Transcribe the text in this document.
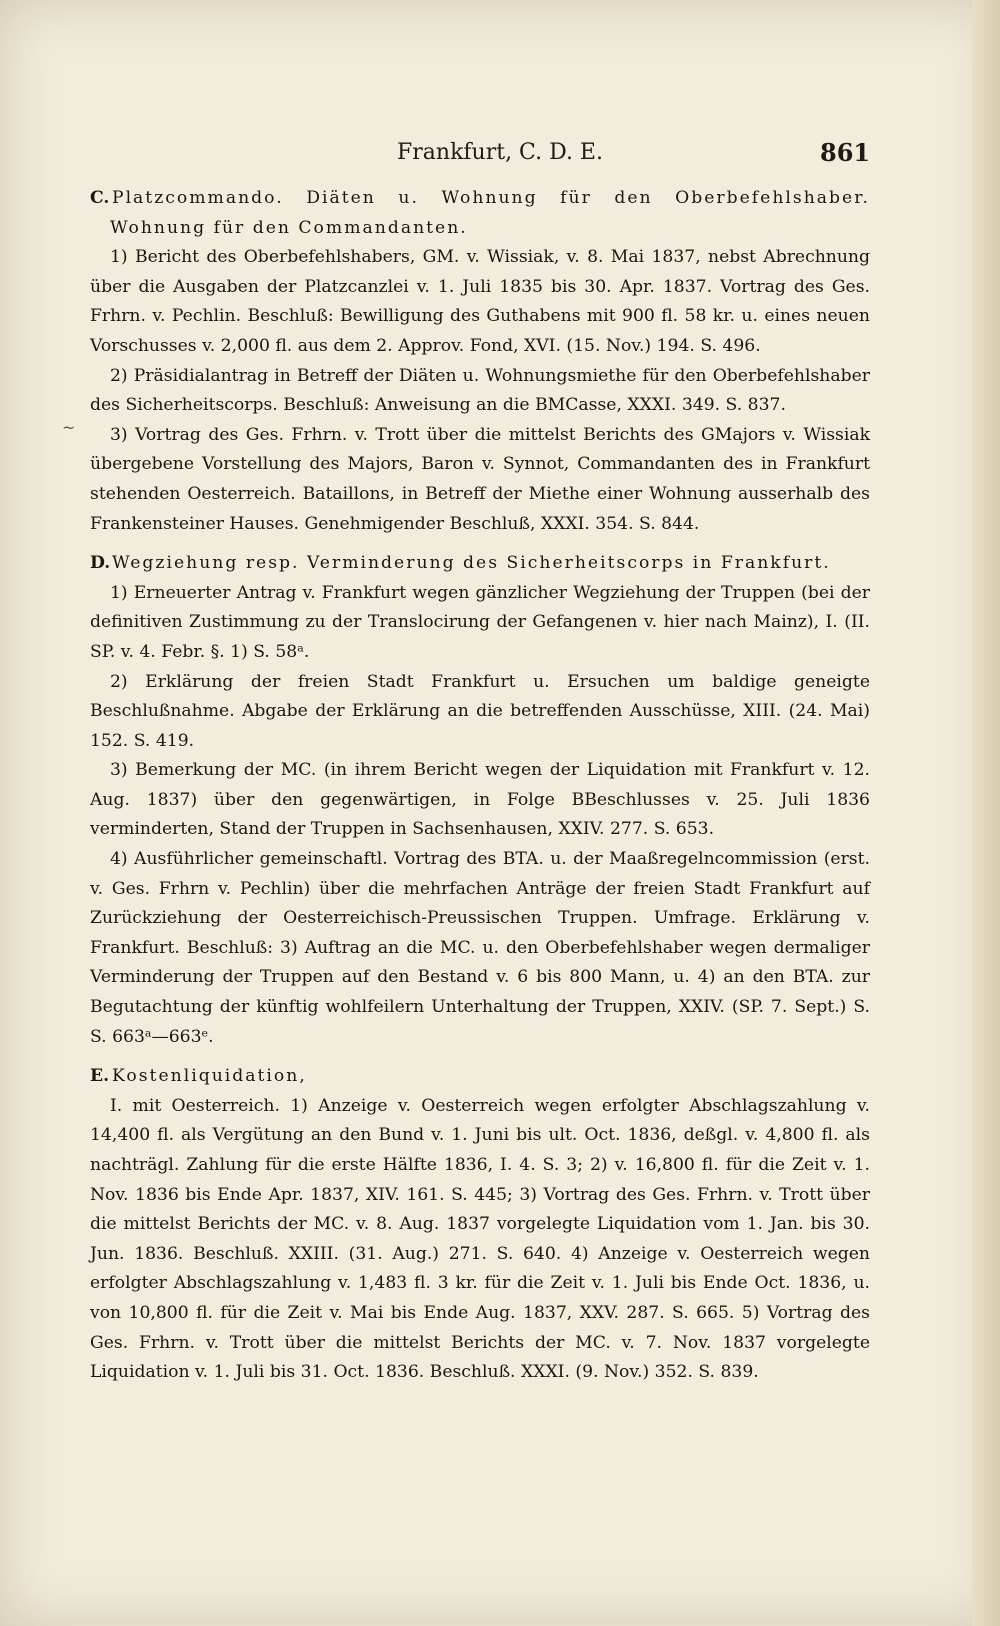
Frankfurt, C. D. E.	861
~

C. Platzcommando. Diäten u. Wohnung für den Oberbefehlshaber. Wohnung für den Commandanten.

1) Bericht des Oberbefehlshabers, GM. v. Wissiak, v. 8. Mai 1837, nebst Abrechnung über die Ausgaben der Platzcanzlei v. 1. Juli 1835 bis 30. Apr. 1837. Vortrag des Ges. Frhrn. v. Pechlin. Beschluß: Bewilligung des Guthabens mit 900 fl. 58 kr. u. eines neuen Vorschusses v. 2,000 fl. aus dem 2. Approv. Fond, XVI. (15. Nov.) 194. S. 496.

2) Präsidialantrag in Betreff der Diäten u. Wohnungsmiethe für den Oberbefehlshaber des Sicherheitscorps. Beschluß: Anweisung an die BMCasse, XXXI. 349. S. 837.

3) Vortrag des Ges. Frhrn. v. Trott über die mittelst Berichts des GMajors v. Wissiak übergebene Vorstellung des Majors, Baron v. Synnot, Commandanten des in Frankfurt stehenden Oesterreich. Bataillons, in Betreff der Miethe einer Wohnung ausserhalb des Frankensteiner Hauses. Genehmigender Beschluß, XXXI. 354. S. 844.

D.Wegziehung resp. Verminderung des Sicherheitscorps in Frankfurt.

1) Erneuerter Antrag v. Frankfurt wegen gänzlicher Wegziehung der Truppen (bei der definitiven Zustimmung zu der Translocirung der Gefangenen v. hier nach Mainz), I. (II. SP. v. 4. Febr. §. 1) S. 58ᵃ.

2) Erklärung der freien Stadt Frankfurt u. Ersuchen um baldige geneigte Beschlußnahme. Abgabe der Erklärung an die betreffenden Ausschüsse, XIII. (24. Mai) 152. S. 419.

3) Bemerkung der MC. (in ihrem Bericht wegen der Liquidation mit Frankfurt v. 12. Aug. 1837) über den gegenwärtigen, in Folge BBeschlusses v. 25. Juli 1836 verminderten, Stand der Truppen in Sachsenhausen, XXIV. 277. S. 653.

4) Ausführlicher gemeinschaftl. Vortrag des BTA. u. der Maaßregelncommission (erst. v. Ges. Frhrn v. Pechlin) über die mehrfachen Anträge der freien Stadt Frankfurt auf Zurückziehung der Oesterreichisch-Preussischen Truppen. Umfrage. Erklärung v. Frankfurt. Beschluß: 3) Auftrag an die MC. u. den Oberbefehlshaber wegen dermaliger Verminderung der Truppen auf den Bestand v. 6 bis 800 Mann, u. 4) an den BTA. zur Begutachtung der künftig wohlfeilern Unterhaltung der Truppen, XXIV. (SP. 7. Sept.) S. S. 663ᵃ—663ᵉ.

E. Kostenliquidation,

I. mit Oesterreich. 1) Anzeige v. Oesterreich wegen erfolgter Abschlagszahlung v. 14,400 fl. als Vergütung an den Bund v. 1. Juni bis ult. Oct. 1836, deßgl. v. 4,800 fl. als nachträgl. Zahlung für die erste Hälfte 1836, I. 4. S. 3; 2) v. 16,800 fl. für die Zeit v. 1. Nov. 1836 bis Ende Apr. 1837, XIV. 161. S. 445; 3) Vortrag des Ges. Frhrn. v. Trott über die mittelst Berichts der MC. v. 8. Aug. 1837 vorgelegte Liquidation vom 1. Jan. bis 30. Jun. 1836. Beschluß. XXIII. (31. Aug.) 271. S. 640. 4) Anzeige v. Oesterreich wegen erfolgter Abschlagszahlung v. 1,483 fl. 3 kr. für die Zeit v. 1. Juli bis Ende Oct. 1836, u. von 10,800 fl. für die Zeit v. Mai bis Ende Aug. 1837, XXV. 287. S. 665. 5) Vortrag des Ges. Frhrn. v. Trott über die mittelst Berichts der MC. v. 7. Nov. 1837 vorgelegte Liquidation v. 1. Juli bis 31. Oct. 1836. Beschluß. XXXI. (9. Nov.) 352. S. 839.
